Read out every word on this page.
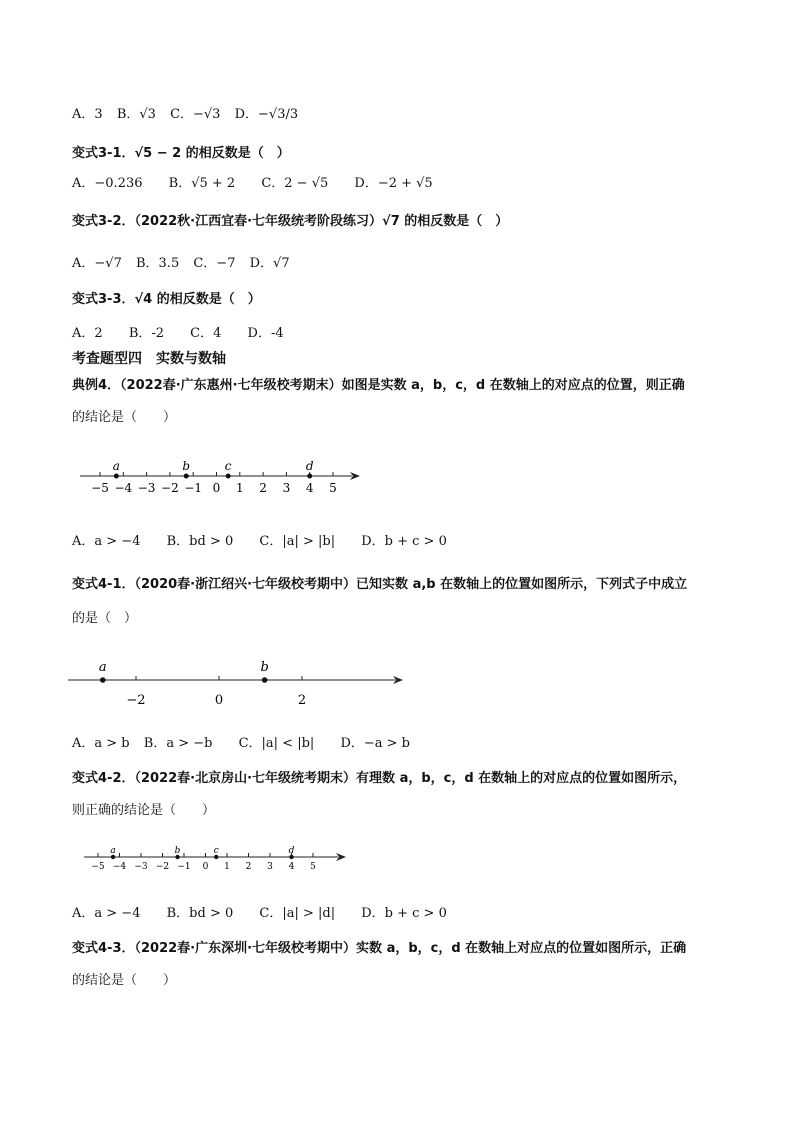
A．3 B．√3 C．−√3 D．−√3/3
变式3-1．√5 − 2 的相反数是（　）
A．−0.236 B．√5 + 2 C．2 − √5 D．−2 + √5
变式3-2．（2022秋·江西宜春·七年级统考阶段练习）√7 的相反数是（　）
A．−√7 B．3.5 C．−7 D．√7
变式3-3．√4 的相反数是（　）
A．2 B．-2 C．4 D．-4
考查题型四　实数与数轴
典例4．（2022春·广东惠州·七年级校考期末）如图是实数 a，b，c，d 在数轴上的对应点的位置，则正确
的结论是（　　）
−5 −4 −3 −2 −1 0 1 2 3 4 5
a	b	c	d
A．a > −4 B．bd > 0 C．|a| > |b| D．b + c > 0
变式4-1．（2020春·浙江绍兴·七年级校考期中）已知实数 a,b 在数轴上的位置如图所示，下列式子中成立
的是（　）
−2	0	2
a	b
A．a > b B．a > −b C．|a| < |b| D．−a > b
变式4-2．（2022春·北京房山·七年级统考期末）有理数 a，b，c，d 在数轴上的对应点的位置如图所示，
则正确的结论是（　　）
−5 −4 −3 −2 −1 0 1 2 3 4 5
a	b	c	d
A．a > −4 B．bd > 0 C．|a| > |d| D．b + c > 0
变式4-3．（2022春·广东深圳·七年级校考期中）实数 a，b，c，d 在数轴上对应点的位置如图所示，正确
的结论是（　　）
